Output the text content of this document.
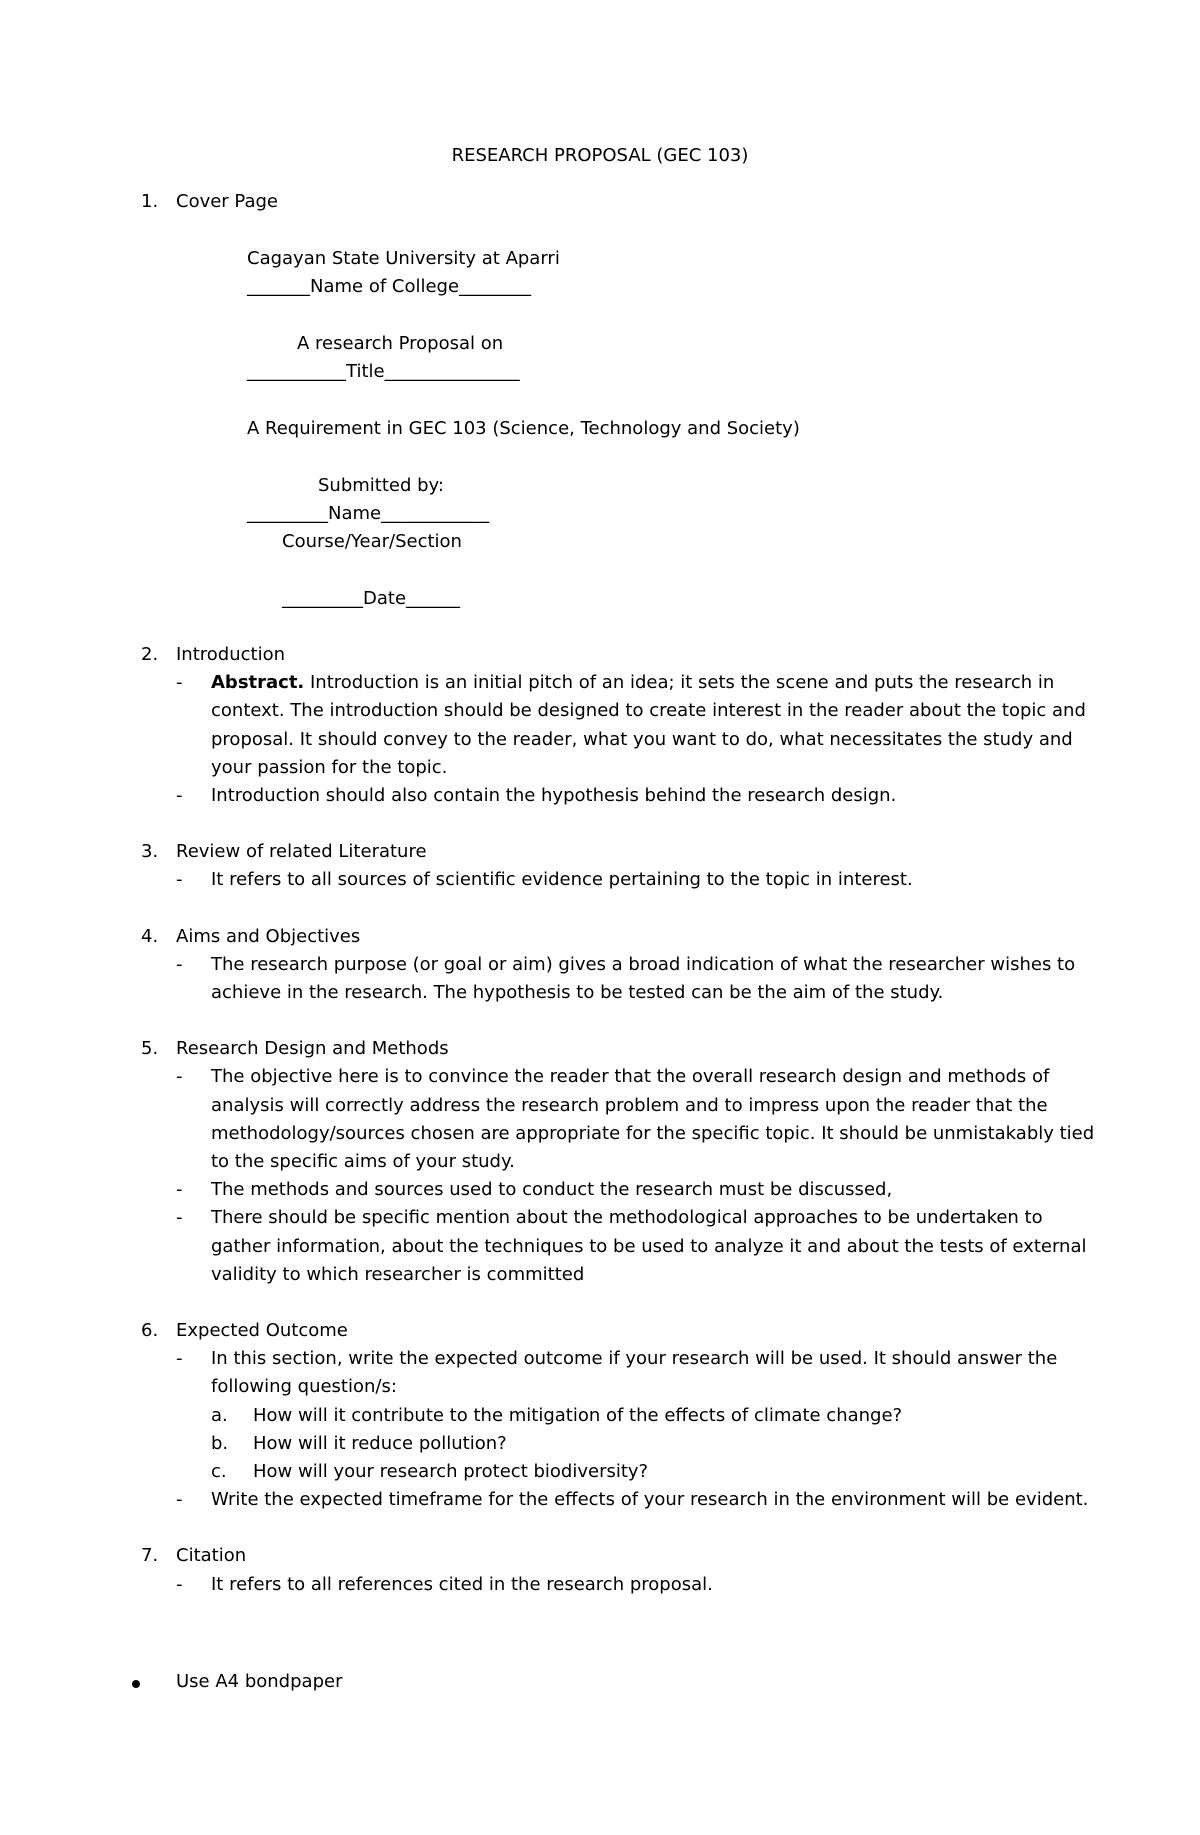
RESEARCH PROPOSAL (GEC 103)
1. Cover Page
Cagayan State University at Aparri
_______Name of College________
A research Proposal on
___________Title_______________
A Requirement in GEC 103 (Science, Technology and Society)
Submitted by:
_________Name____________
Course/Year/Section
_________Date______
2. Introduction
- Abstract. Introduction is an initial pitch of an idea; it sets the scene and puts the research in context. The introduction should be designed to create interest in the reader about the topic and proposal. It should convey to the reader, what you want to do, what necessitates the study and your passion for the topic.
- Introduction should also contain the hypothesis behind the research design.
3. Review of related Literature
- It refers to all sources of scientific evidence pertaining to the topic in interest.
4. Aims and Objectives
- The research purpose (or goal or aim) gives a broad indication of what the researcher wishes to achieve in the research. The hypothesis to be tested can be the aim of the study.
5. Research Design and Methods
- The objective here is to convince the reader that the overall research design and methods of analysis will correctly address the research problem and to impress upon the reader that the methodology/sources chosen are appropriate for the specific topic. It should be unmistakably tied to the specific aims of your study.
- The methods and sources used to conduct the research must be discussed,
- There should be specific mention about the methodological approaches to be undertaken to gather information, about the techniques to be used to analyze it and about the tests of external validity to which researcher is committed
6. Expected Outcome
- In this section, write the expected outcome if your research will be used. It should answer the following question/s:
a. How will it contribute to the mitigation of the effects of climate change?
b. How will it reduce pollution?
c. How will your research protect biodiversity?
- Write the expected timeframe for the effects of your research in the environment will be evident.
7. Citation
- It refers to all references cited in the research proposal.
Use A4 bondpaper
